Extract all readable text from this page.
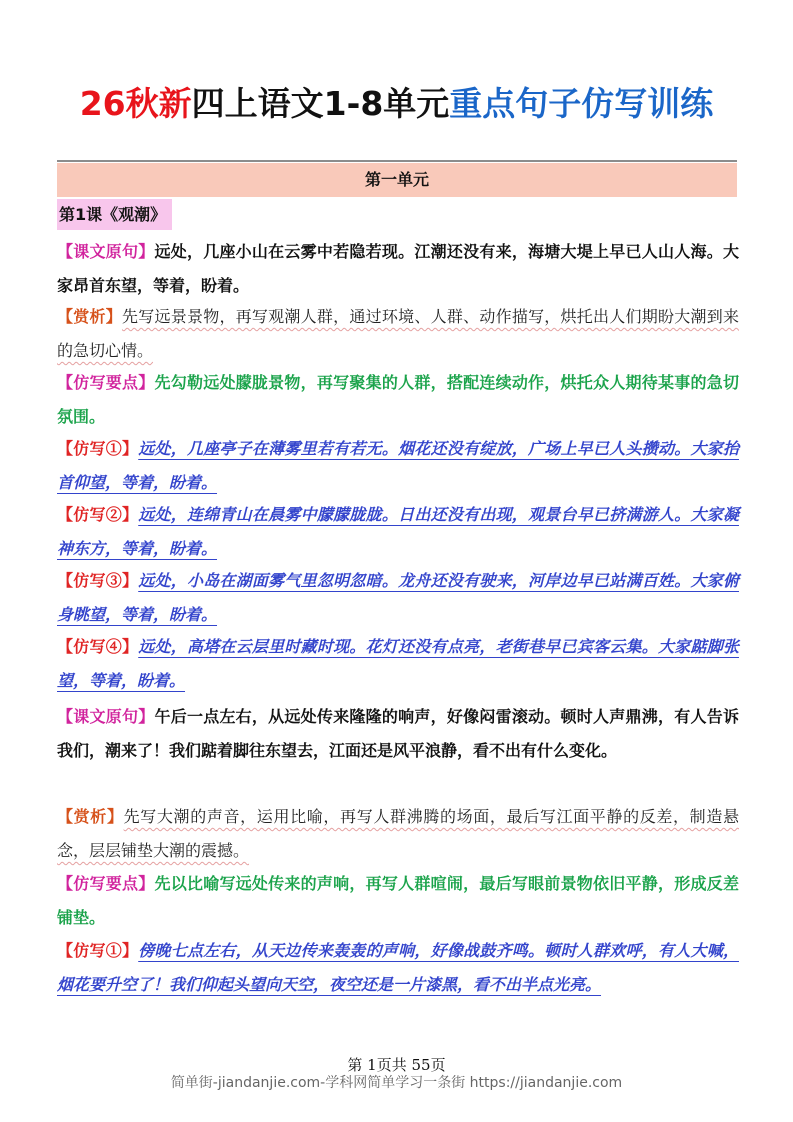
26秋新四上语文1-8单元重点句子仿写训练
第一单元
第1课《观潮》
【课文原句】远处，几座小山在云雾中若隐若现。江潮还没有来，海塘大堤上早已人山人海。大家昂首东望，等着，盼着。
【赏析】先写远景景物，再写观潮人群，通过环境、人群、动作描写，烘托出人们期盼大潮到来的急切心情。
【仿写要点】先勾勒远处朦胧景物，再写聚集的人群，搭配连续动作，烘托众人期待某事的急切氛围。
【仿写①】远处，几座亭子在薄雾里若有若无。烟花还没有绽放，广场上早已人头攒动。大家抬首仰望，等着，盼着。
【仿写②】远处，连绵青山在晨雾中朦朦胧胧。日出还没有出现，观景台早已挤满游人。大家凝神东方，等着，盼着。
【仿写③】远处，小岛在湖面雾气里忽明忽暗。龙舟还没有驶来，河岸边早已站满百姓。大家俯身眺望，等着，盼着。
【仿写④】远处，高塔在云层里时藏时现。花灯还没有点亮，老街巷早已宾客云集。大家踮脚张望，等着，盼着。
【课文原句】午后一点左右，从远处传来隆隆的响声，好像闷雷滚动。顿时人声鼎沸，有人告诉我们，潮来了！我们踮着脚往东望去，江面还是风平浪静，看不出有什么变化。
【赏析】先写大潮的声音，运用比喻，再写人群沸腾的场面，最后写江面平静的反差，制造悬念，层层铺垫大潮的震撼。
【仿写要点】先以比喻写远处传来的声响，再写人群喧闹，最后写眼前景物依旧平静，形成反差铺垫。
【仿写①】傍晚七点左右，从天边传来轰轰的声响，好像战鼓齐鸣。顿时人群欢呼，有人大喊，烟花要升空了！我们仰起头望向天空，夜空还是一片漆黑，看不出半点光亮。
第 1页共 55页
简单街-jiandanjie.com-学科网简单学习一条街 https://jiandanjie.com
